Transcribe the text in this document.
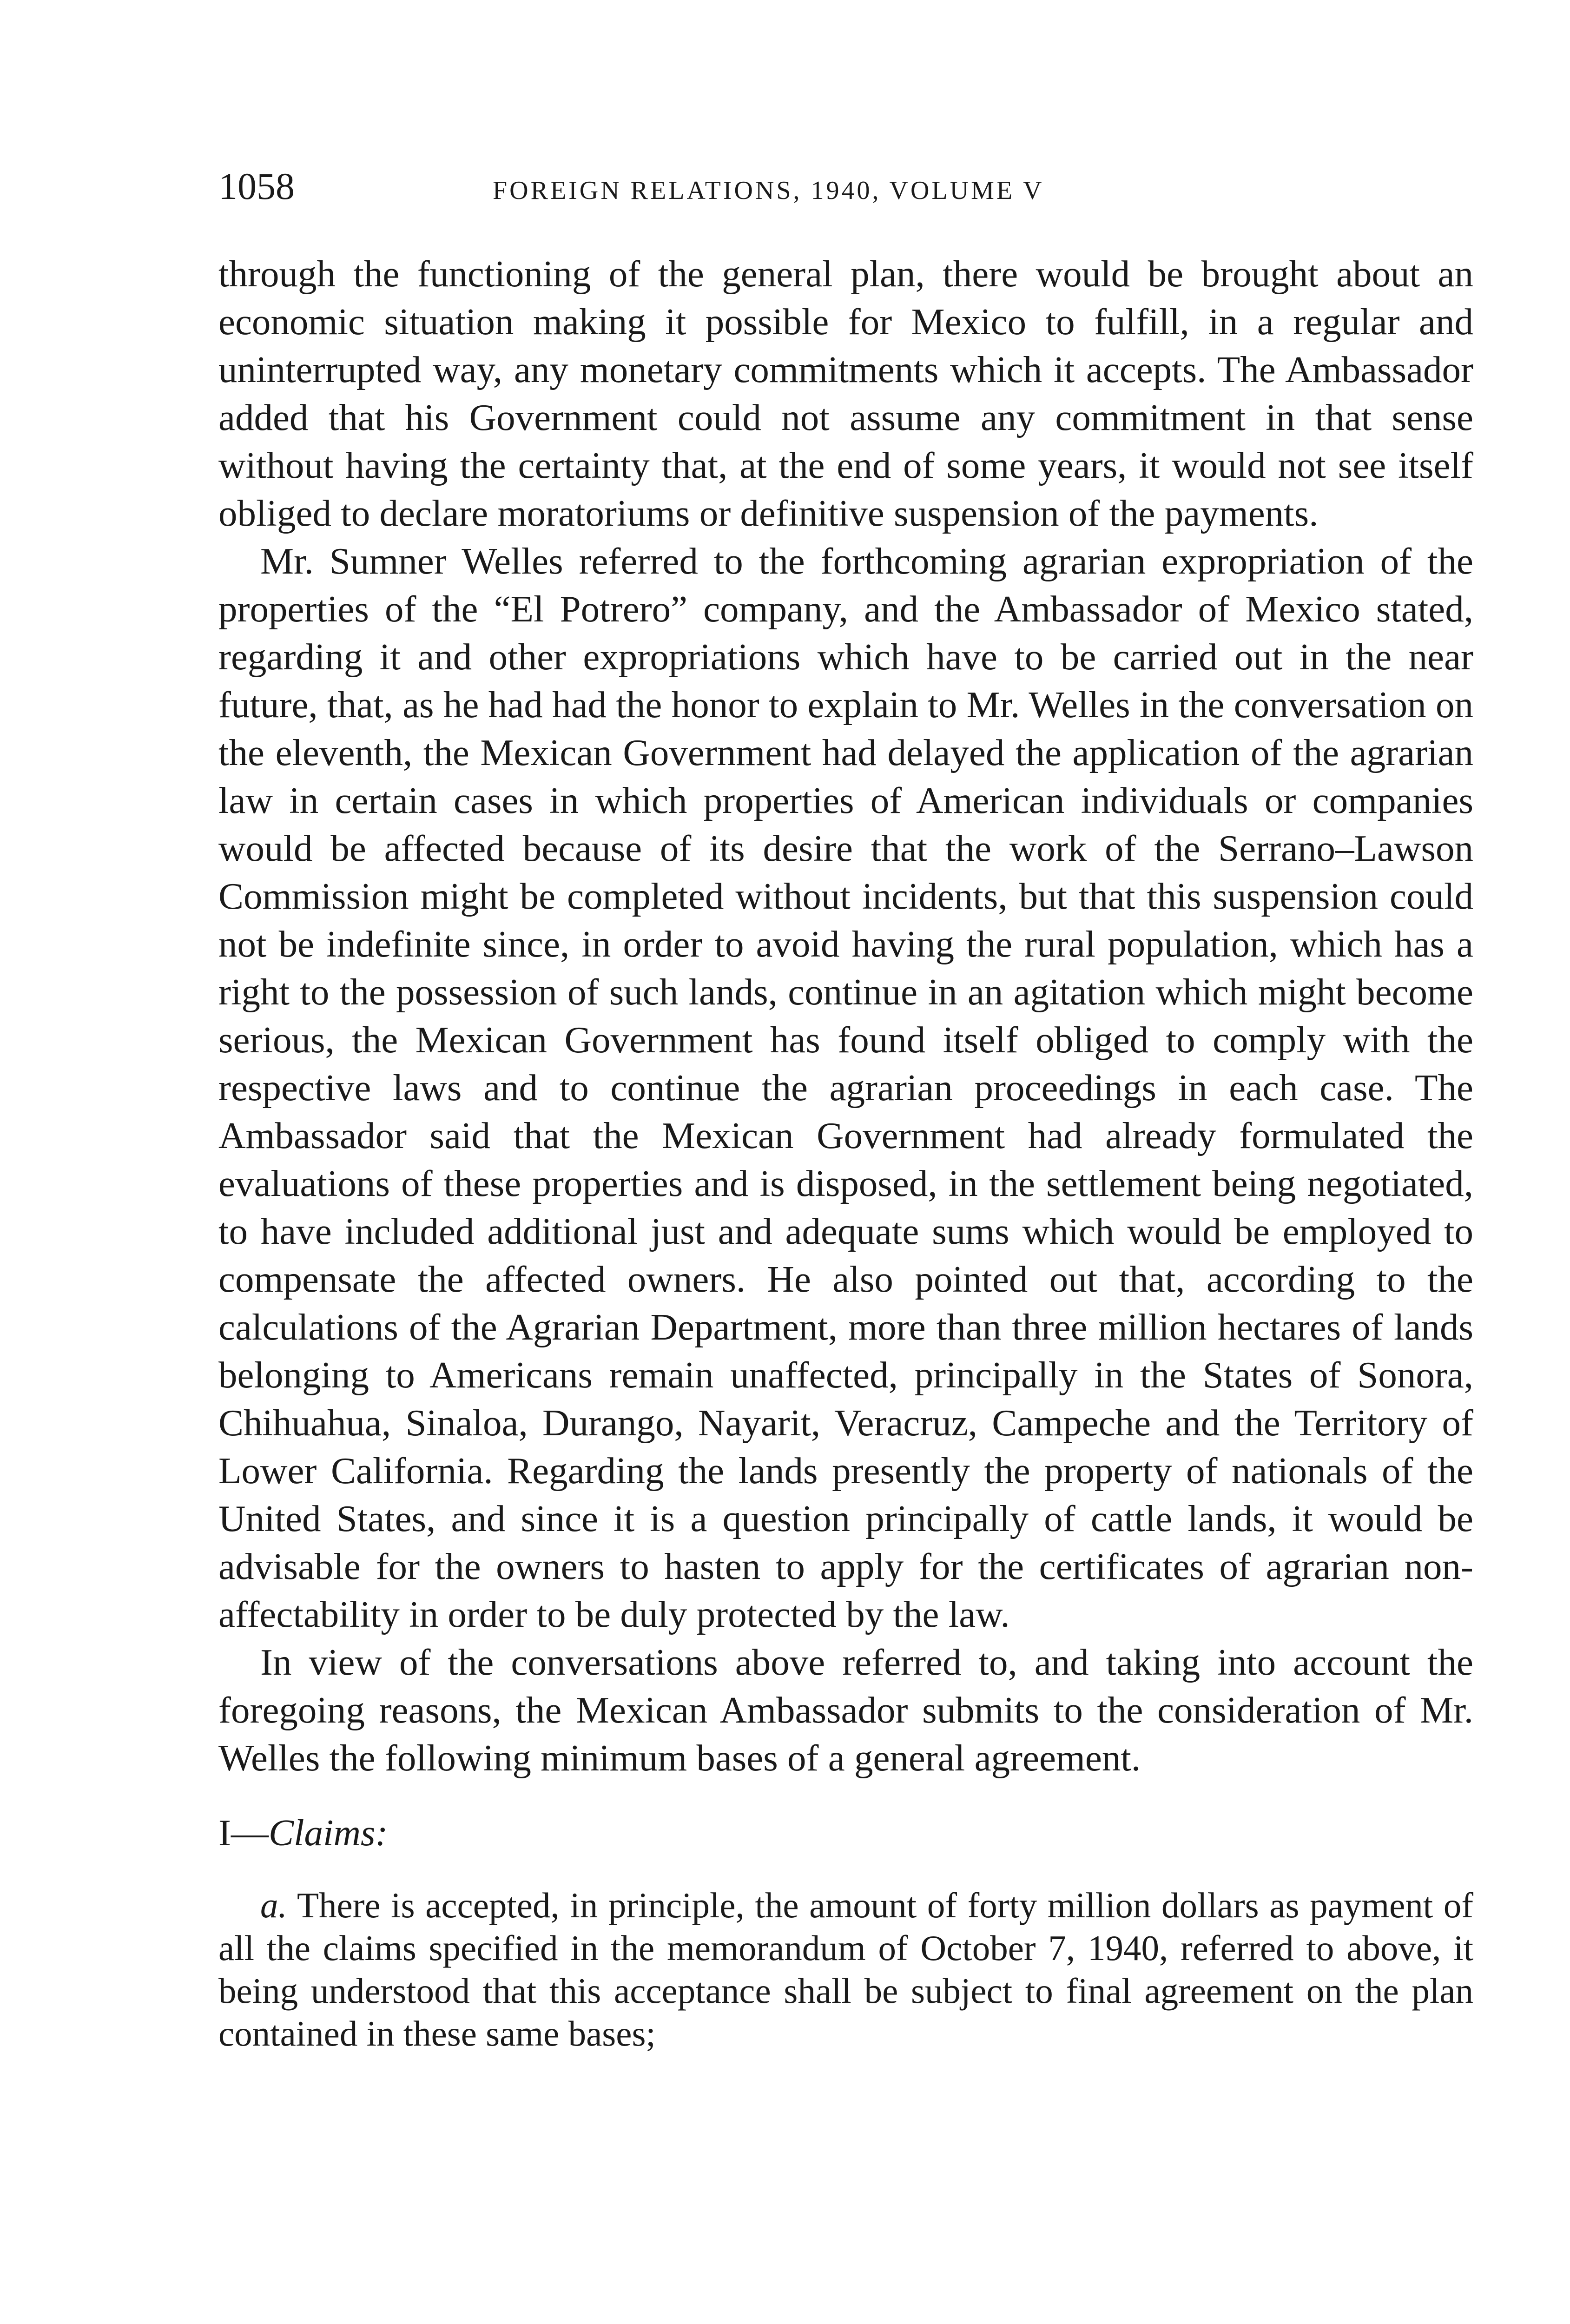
1058	FOREIGN RELATIONS, 1940, VOLUME V

through the functioning of the general plan, there would be brought about an economic situation making it possible for Mexico to fulfill, in a regular and uninterrupted way, any monetary commitments which it accepts. The Ambassador added that his Government could not assume any commitment in that sense without having the certainty that, at the end of some years, it would not see itself obliged to declare moratoriums or definitive suspension of the payments.

Mr. Sumner Welles referred to the forthcoming agrarian expropriation of the properties of the “El Potrero” company, and the Ambassador of Mexico stated, regarding it and other expropriations which have to be carried out in the near future, that, as he had had the honor to explain to Mr. Welles in the conversation on the eleventh, the Mexican Government had delayed the application of the agrarian law in certain cases in which properties of American individuals or companies would be affected because of its desire that the work of the Serrano–Lawson Commission might be completed without incidents, but that this suspension could not be indefinite since, in order to avoid having the rural population, which has a right to the possession of such lands, continue in an agitation which might become serious, the Mexican Government has found itself obliged to comply with the respective laws and to continue the agrarian proceedings in each case. The Ambassador said that the Mexican Government had already formulated the evaluations of these properties and is disposed, in the settlement being negotiated, to have included additional just and adequate sums which would be employed to compensate the affected owners. He also pointed out that, according to the calculations of the Agrarian Department, more than three million hectares of lands belonging to Americans remain unaffected, principally in the States of Sonora, Chihuahua, Sinaloa, Durango, Nayarit, Veracruz, Campeche and the Territory of Lower California. Regarding the lands presently the property of nationals of the United States, and since it is a question principally of cattle lands, it would be advisable for the owners to hasten to apply for the certificates of agrarian non-affectability in order to be duly protected by the law.

In view of the conversations above referred to, and taking into account the foregoing reasons, the Mexican Ambassador submits to the consideration of Mr. Welles the following minimum bases of a general agreement.

I—Claims:

a. There is accepted, in principle, the amount of forty million dollars as payment of all the claims specified in the memorandum of October 7, 1940, referred to above, it being understood that this acceptance shall be subject to final agreement on the plan contained in these same bases;
